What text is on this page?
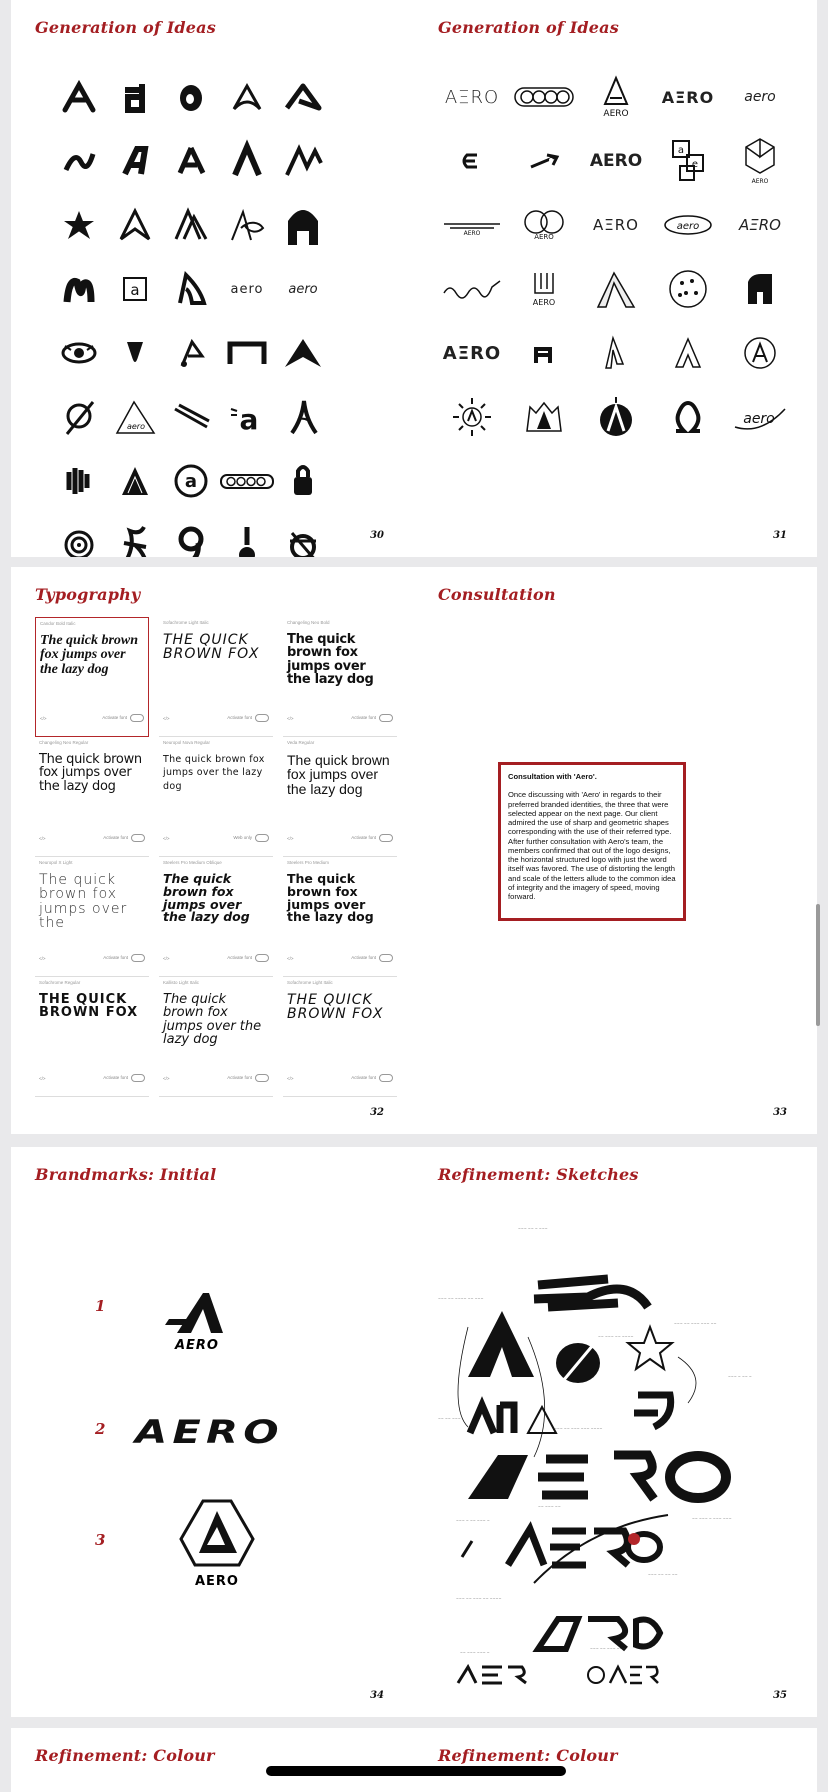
Generation of Ideas
a	aero aero
aero	a
a
30
Generation of Ideas
AΞRO
AERO
AΞRO aero
AERO
a
e
AERO
AERO	AERO
AΞRO	aero	AΞRO
AERO
AΞRO
aero
31
Typography
Candor Bold Italic
The quick brown fox jumps over the lazy dog
</>	Activate font
Sofachrome Light Italic
THE QUICK BROWN FOX
</>	Activate font
Changeling Neo Bold
The quick brown fox jumps over the lazy dog
</>	Activate font
Changeling Neo Regular
The quick brown fox jumps over the lazy dog
</>	Activate font
Neuropol Nova Regular
The quick brown fox jumps over the lazy dog
</>	Web only
Veda Regular
The quick brown fox jumps over the lazy dog
</>	Activate font
Neuropol X Light
The quick brown fox jumps over the
</>	Activate font
Steelers Pro Medium Oblique
The quick brown fox jumps over the lazy dog
</>	Activate font
Steelers Pro Medium
The quick brown fox jumps over the lazy dog
</>	Activate font
Sofachrome Regular
THE QUICK BROWN FOX
</>	Activate font
Kallisto Light Italic
The quick brown fox jumps over the lazy dog
</>	Activate font
Sofachrome Light Italic
THE QUICK BROWN FOX
</>	Activate font
32
Consultation
Consultation with 'Aero'.
Once discussing with 'Aero' in regards to their preferred branded identities, the three that were selected appear on the next page. Our client admired the use of sharp and geometric shapes corresponding with the use of their referred type. After further consultation with Aero's team, the members confirmed that out of the logo designs, the horizontal structured logo with just the word itself was favored. The use of distorting the length and scale of the letters allude to the common idea of integrity and the imagery of speed, moving forward.
33
Brandmarks: Initial
1
AERO
2 AERO
3
AERO
34
Refinement: Sketches
~~~ ~~ ~ ~~~
~~~ ~~ ~~~~ ~~ ~~~
~~ ~~~ ~~ ~~~~
~~~ ~~ ~~~ ~~~ ~~
~~~ ~ ~~ ~
~~ ~~ ~~~
~~~ ~~ ~~~ ~~~ ~~~~
~~~ ~ ~~ ~~~ ~
~~ ~~~ ~~
~~ ~~~ ~ ~~~ ~~~
~~~ ~~ ~~ ~~
~~~ ~~ ~~~ ~~ ~~~~
~~ ~~~ ~~~ ~
~~~ ~~ ~~~ ~~~
35
Refinement: Colour	Refinement: Colour
